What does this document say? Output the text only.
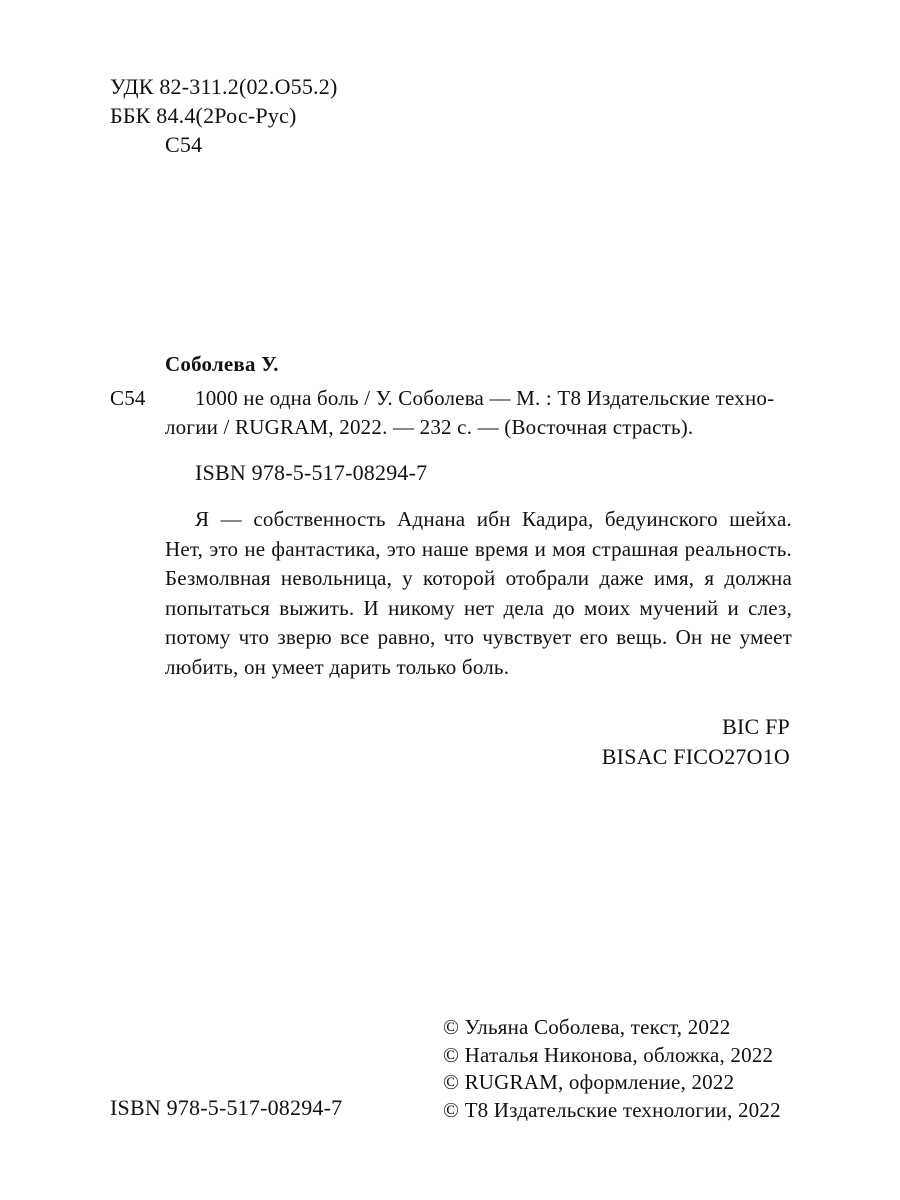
УДК 82-311.2(02.О55.2)
ББК 84.4(2Рос-Рус)
С54
Соболева У.
С54	1000 не одна боль / У. Соболева — М. : Т8 Издательские техно-
логии / RUGRAM, 2022. — 232 с. — (Восточная страсть).
ISBN 978-5-517-08294-7

Я — собственность Аднана ибн Кадира, бедуинского шейха. Нет, это не фантастика, это наше время и моя страшная реальность. Безмолвная невольница, у которой отобрали даже имя, я должна попытаться выжить. И никому нет дела до моих мучений и слез, потому что зверю все равно, что чувствует его вещь. Он не умеет любить, он умеет дарить только боль.

BIC FP
BISAC FICO27O1O
© Ульяна Соболева, текст, 2022
© Наталья Никонова, обложка, 2022
© RUGRAM, оформление, 2022
© Т8 Издательские технологии, 2022
ISBN 978-5-517-08294-7
